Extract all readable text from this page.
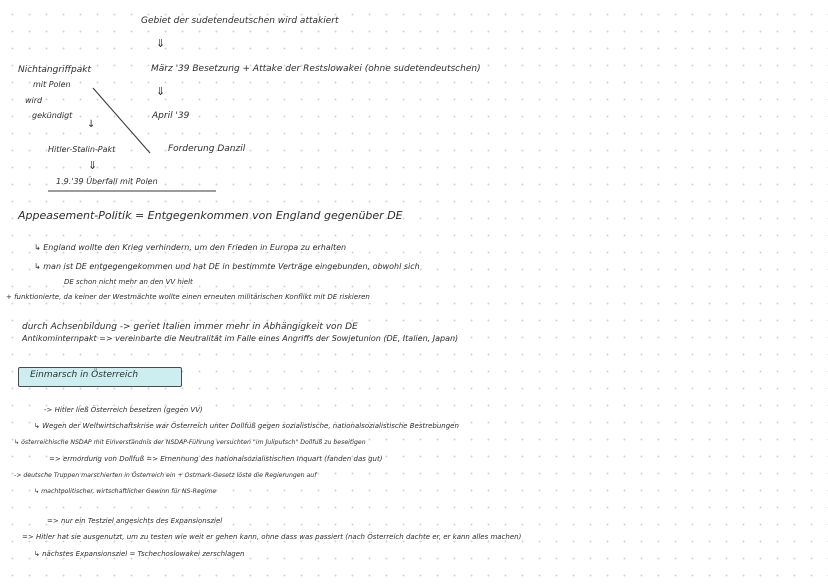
Gebiet der sudetendeutschen wird attakiert
⇓
März '39 Besetzung + Attake der Restslowakei (ohne sudetendeutschen)
⇓
April '39
Forderung Danzil
Nichtangriffpakt
mit Polen
wird
gekündigt
↓
Hitler-Stalin-Pakt
⇓
1.9.'39 Überfall mit Polen
Appeasement-Politik = Entgegenkommen von England gegenüber DE
↳ England wollte den Krieg verhindern, um den Frieden in Europa zu erhalten
↳ man ist DE entgegengekommen und hat DE in bestimmte Verträge eingebunden, obwohl sich
DE schon nicht mehr an den VV hielt
+ funktionierte, da keiner der Westmächte wollte einen erneuten militärischen Konflikt mit DE riskieren
durch Achsenbildung -> geriet Italien immer mehr in Abhängigkeit von DE
Antikominternpakt => vereinbarte die Neutralität im Falle eines Angriffs der Sowjetunion (DE, Italien, Japan)
Einmarsch in Österreich
-> Hitler ließ Österreich besetzen (gegen VV)
↳ Wegen der Weltwirtschaftskrise war Österreich unter Dollfuß gegen sozialistische, nationalsozialistische Bestrebungen
↳ österreichische NSDAP mit Einverständnis der NSDAP-Führung versuchten "im Juliputsch" Dollfuß zu beseitigen
=> ermordung von Dollfuß => Ernennung des nationalsozialistischen Inquart (fanden das gut)
-> deutsche Truppen marschierten in Österreich ein + Ostmark-Gesetz löste die Regierungen auf
↳ machtpolitischer, wirtschaftlicher Gewinn für NS-Regime
=> nur ein Testziel angesichts des Expansionsziel
=> Hitler hat sie ausgenutzt, um zu testen wie weit er gehen kann, ohne dass was passiert (nach Österreich dachte er, er kann alles machen)
↳ nächstes Expansionsziel = Tschechoslowakei zerschlagen
